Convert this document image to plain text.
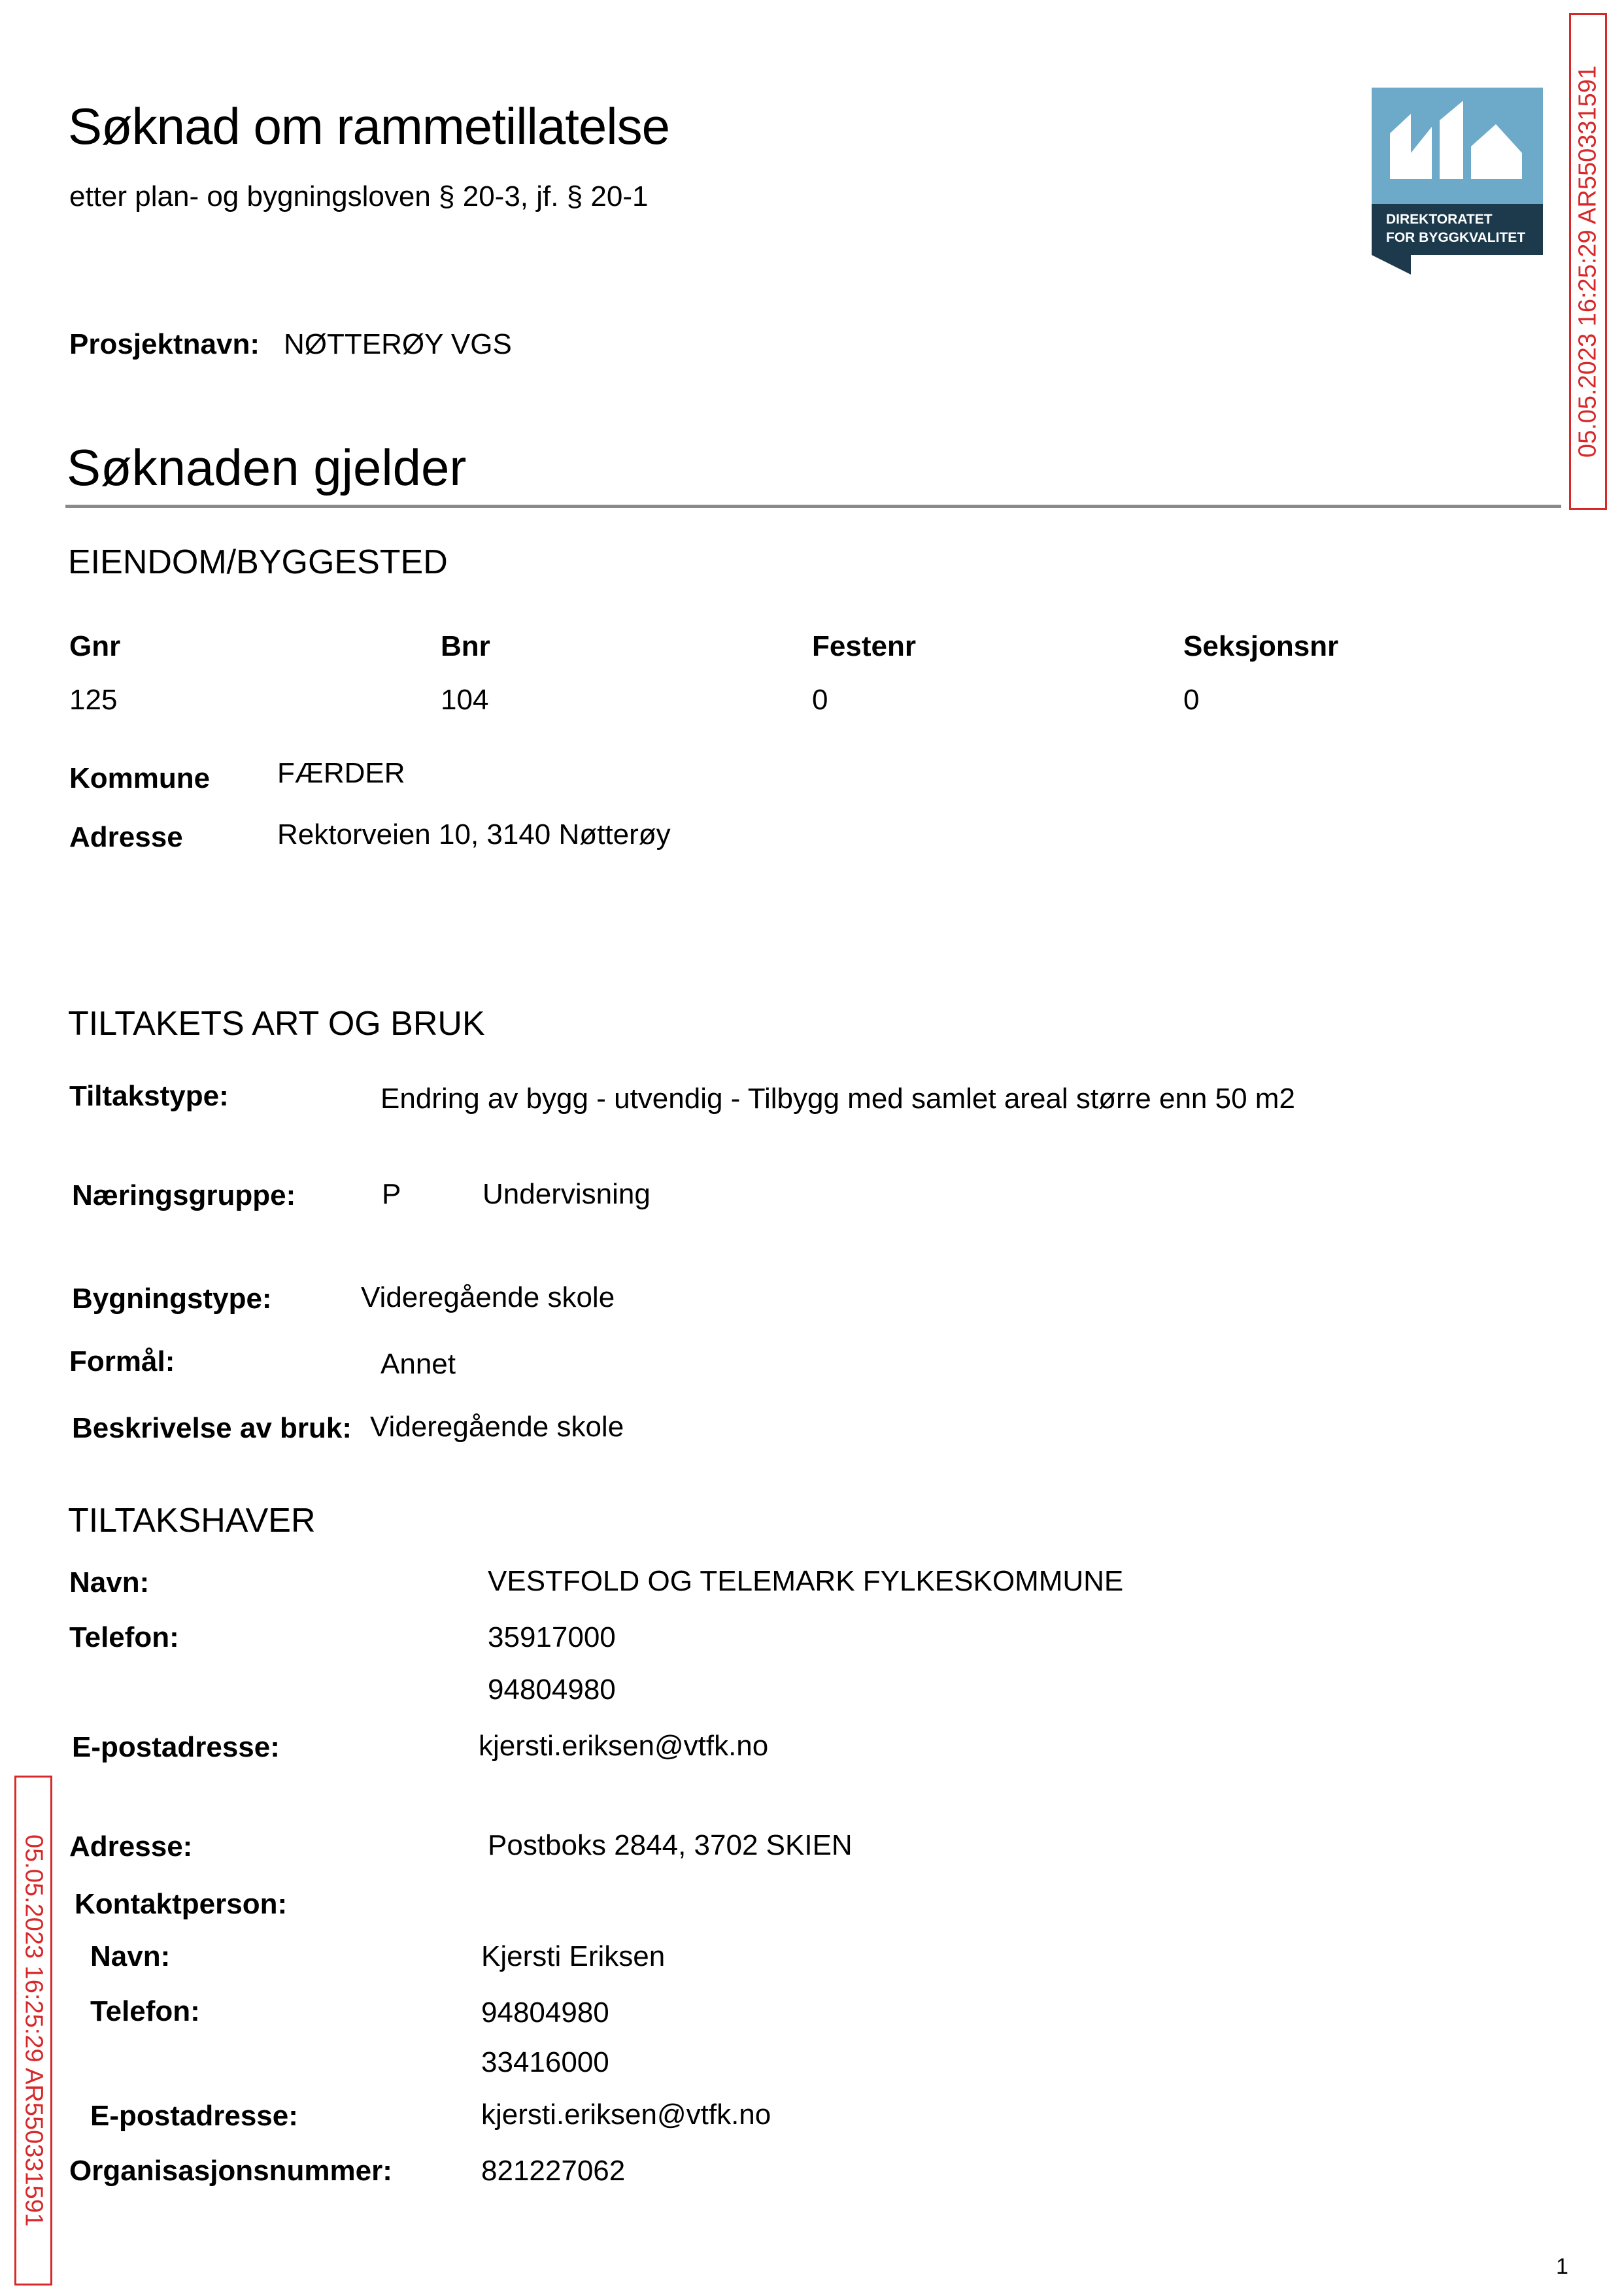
Søknad om rammetillatelse
etter plan- og bygningsloven § 20-3, jf. § 20-1
DIREKTORATET
FOR BYGGKVALITET 05.05.2023 16:25:29 AR550331591
05.05.2023 16:25:29 AR550331591
Prosjektnavn: NØTTERØY VGS
Søknaden gjelder
EIENDOM/BYGGESTED
Gnr	Bnr	Festenr	Seksjonsnr
125	104	0	0
Kommune FÆRDER
Adresse	Rektorveien 10, 3140 Nøtterøy
TILTAKETS ART OG BRUK
Tiltakstype:	Endring av bygg - utvendig - Tilbygg med samlet areal større enn 50 m2
Næringsgruppe:	P	Undervisning
Bygningstype:	Videregående skole
Formål:	Annet
Beskrivelse av bruk: Videregående skole
TILTAKSHAVER
Navn:	VESTFOLD OG TELEMARK FYLKESKOMMUNE
Telefon:	35917000
94804980
E-postadresse:	kjersti.eriksen@vtfk.no
Adresse:	Postboks 2844, 3702 SKIEN
Kontaktperson:
Navn:	Kjersti Eriksen
Telefon:	94804980
33416000
E-postadresse:	kjersti.eriksen@vtfk.no
Organisasjonsnummer:	821227062
1
